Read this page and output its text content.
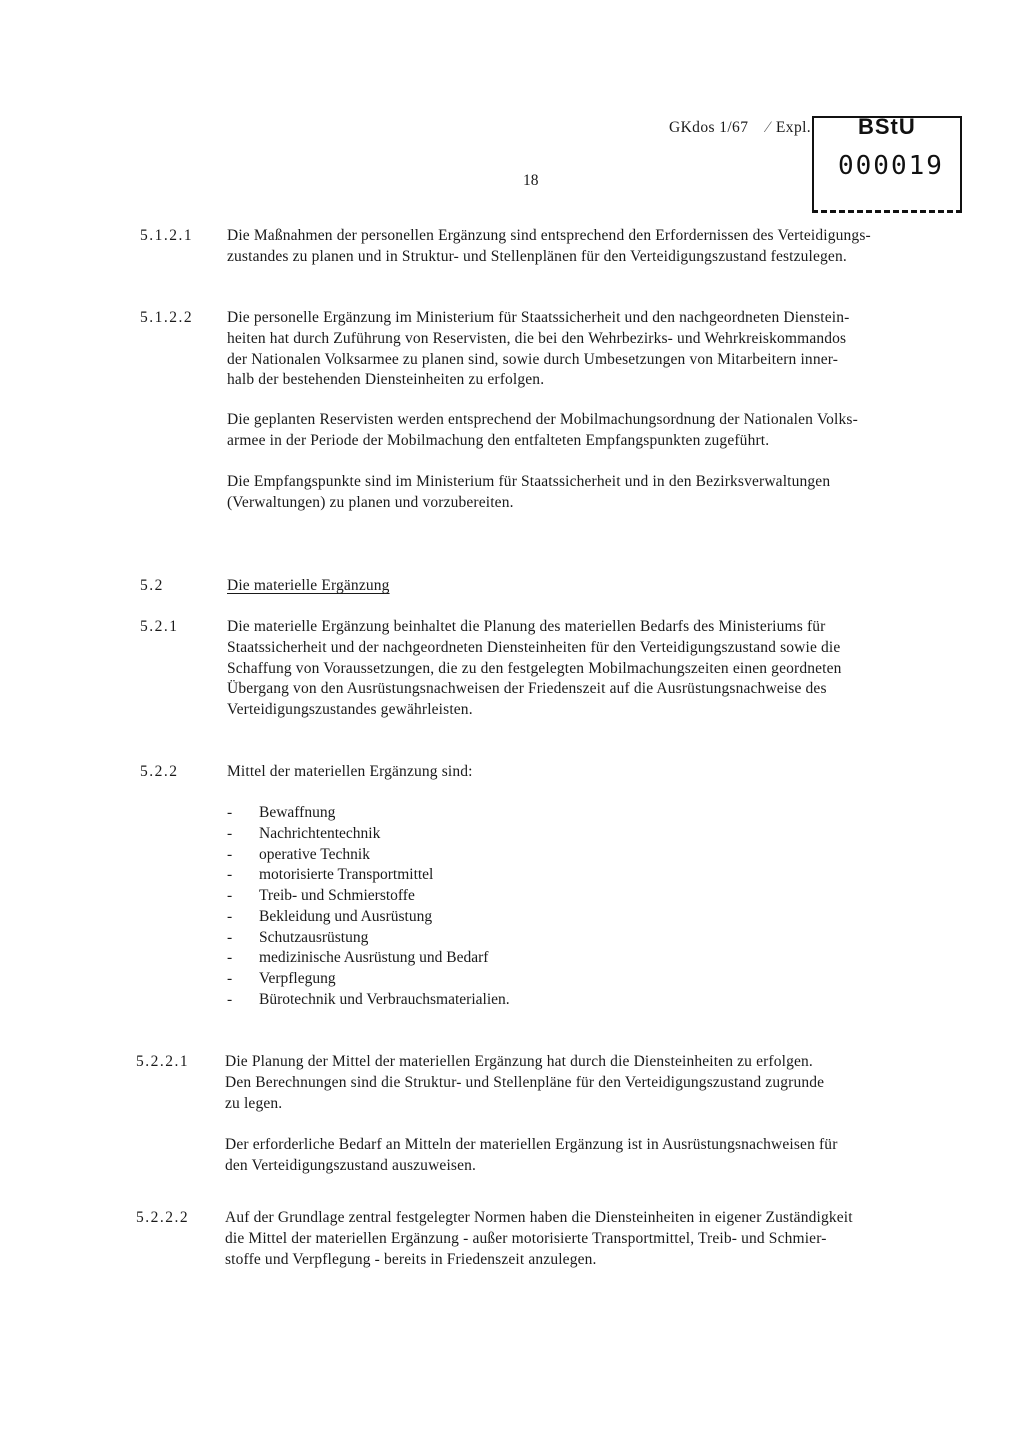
GKdos 1/67 ⁄ Expl. BStU
000019
18
5.1.2.1 Die Maßnahmen der personellen Ergänzung sind entsprechend den Erfordernissen des Verteidigungs-
zustandes zu planen und in Struktur- und Stellenplänen für den Verteidigungszustand festzulegen.
5.1.2.2 Die personelle Ergänzung im Ministerium für Staatssicherheit und den nachgeordneten Dienstein-
heiten hat durch Zuführung von Reservisten, die bei den Wehrbezirks- und Wehrkreiskommandos
der Nationalen Volksarmee zu planen sind, sowie durch Umbesetzungen von Mitarbeitern inner-
halb der bestehenden Diensteinheiten zu erfolgen.
Die geplanten Reservisten werden entsprechend der Mobilmachungsordnung der Nationalen Volks-
armee in der Periode der Mobilmachung den entfalteten Empfangspunkten zugeführt.
Die Empfangspunkte sind im Ministerium für Staatssicherheit und in den Bezirksverwaltungen
(Verwaltungen) zu planen und vorzubereiten.
5.2	Die materielle Ergänzung
5.2.1	Die materielle Ergänzung beinhaltet die Planung des materiellen Bedarfs des Ministeriums für
Staatssicherheit und der nachgeordneten Diensteinheiten für den Verteidigungszustand sowie die
Schaffung von Voraussetzungen, die zu den festgelegten Mobilmachungszeiten einen geordneten
Übergang von den Ausrüstungsnachweisen der Friedenszeit auf die Ausrüstungsnachweise des
Verteidigungszustandes gewährleisten.
5.2.2	Mittel der materiellen Ergänzung sind:
- Bewaffnung
- Nachrichtentechnik
- operative Technik
- motorisierte Transportmittel
- Treib- und Schmierstoffe
- Bekleidung und Ausrüstung
- Schutzausrüstung
- medizinische Ausrüstung und Bedarf
- Verpflegung
- Bürotechnik und Verbrauchsmaterialien.
5.2.2.1 Die Planung der Mittel der materiellen Ergänzung hat durch die Diensteinheiten zu erfolgen.
Den Berechnungen sind die Struktur- und Stellenpläne für den Verteidigungszustand zugrunde
zu legen.
Der erforderliche Bedarf an Mitteln der materiellen Ergänzung ist in Ausrüstungsnachweisen für
den Verteidigungszustand auszuweisen.
5.2.2.2 Auf der Grundlage zentral festgelegter Normen haben die Diensteinheiten in eigener Zuständigkeit
die Mittel der materiellen Ergänzung - außer motorisierte Transportmittel, Treib- und Schmier-
stoffe und Verpflegung - bereits in Friedenszeit anzulegen.
